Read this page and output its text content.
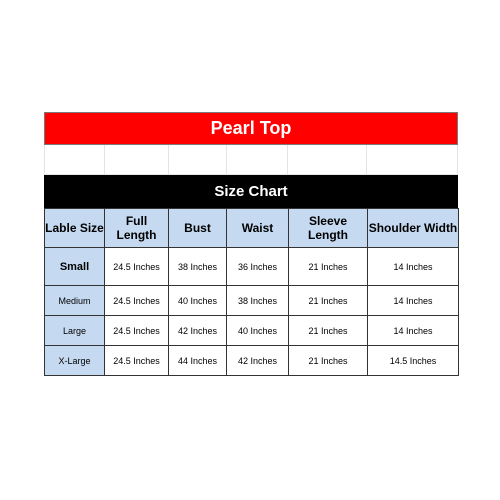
Pearl Top
Size Chart
Lable Size	Full Length	Bust	Waist	Sleeve Length	Shoulder Width
Small	24.5 Inches	38 Inches	36 Inches	21 Inches	14 Inches
Medium	24.5 Inches	40 Inches	38 Inches	21 Inches	14 Inches
Large	24.5 Inches	42 Inches	40 Inches	21 Inches	14 Inches
X-Large	24.5 Inches	44 Inches	42 Inches	21 Inches	14.5 Inches
